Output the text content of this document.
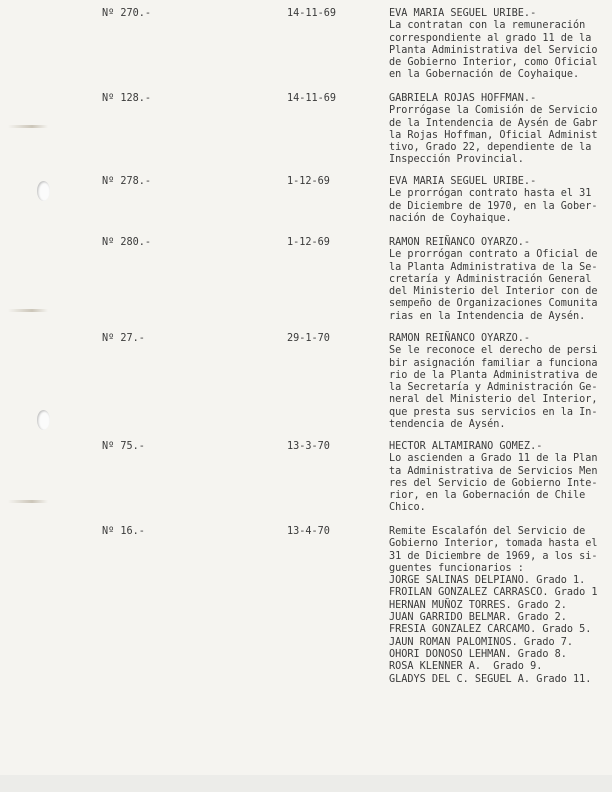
Nº 270.-	14-11-69	EVA MARIA SEGUEL URIBE.-
La contratan con la remuneración
correspondiente al grado 11 de la
Planta Administrativa del Servicio
de Gobierno Interior, como Oficial
en la Gobernación de Coyhaique.
Nº 128.-	14-11-69	GABRIELA ROJAS HOFFMAN.-
Prorrógase la Comisión de Servicio
de la Intendencia de Aysén de Gabr
la Rojas Hoffman, Oficial Administ
tivo, Grado 22, dependiente de la
Inspección Provincial.
Nº 278.-	1-12-69	EVA MARIA SEGUEL URIBE.-
Le prorrógan contrato hasta el 31
de Diciembre de 1970, en la Gober-
nación de Coyhaique.
Nº 280.-	1-12-69	RAMON REIÑANCO OYARZO.-
Le prorrógan contrato a Oficial de
la Planta Administrativa de la Se-
cretaría y Administración General
del Ministerio del Interior con de
sempeño de Organizaciones Comunita
rias en la Intendencia de Aysén.
Nº 27.-	29-1-70	RAMON REIÑANCO OYARZO.-
Se le reconoce el derecho de persi
bir asignación familiar a funciona
rio de la Planta Administrativa de
la Secretaría y Administración Ge-
neral del Ministerio del Interior,
que presta sus servicios en la In-
tendencia de Aysén.
Nº 75.-	13-3-70	HECTOR ALTAMIRANO GOMEZ.-
Lo ascienden a Grado 11 de la Plan
ta Administrativa de Servicios Men
res del Servicio de Gobierno Inte-
rior, en la Gobernación de Chile
Chico.
Nº 16.-	13-4-70	Remite Escalafón del Servicio de
Gobierno Interior, tomada hasta el
31 de Diciembre de 1969, a los si-
guentes funcionarios :
JORGE SALINAS DELPIANO. Grado 1.
FROILAN GONZALEZ CARRASCO. Grado 1
HERNAN MUÑOZ TORRES. Grado 2.
JUAN GARRIDO BELMAR. Grado 2.
FRESIA GONZALEZ CARCAMO. Grado 5.
JAUN ROMAN PALOMINOS. Grado 7.
OHORI DONOSO LEHMAN. Grado 8.
ROSA KLENNER A.  Grado 9.
GLADYS DEL C. SEGUEL A. Grado 11.
